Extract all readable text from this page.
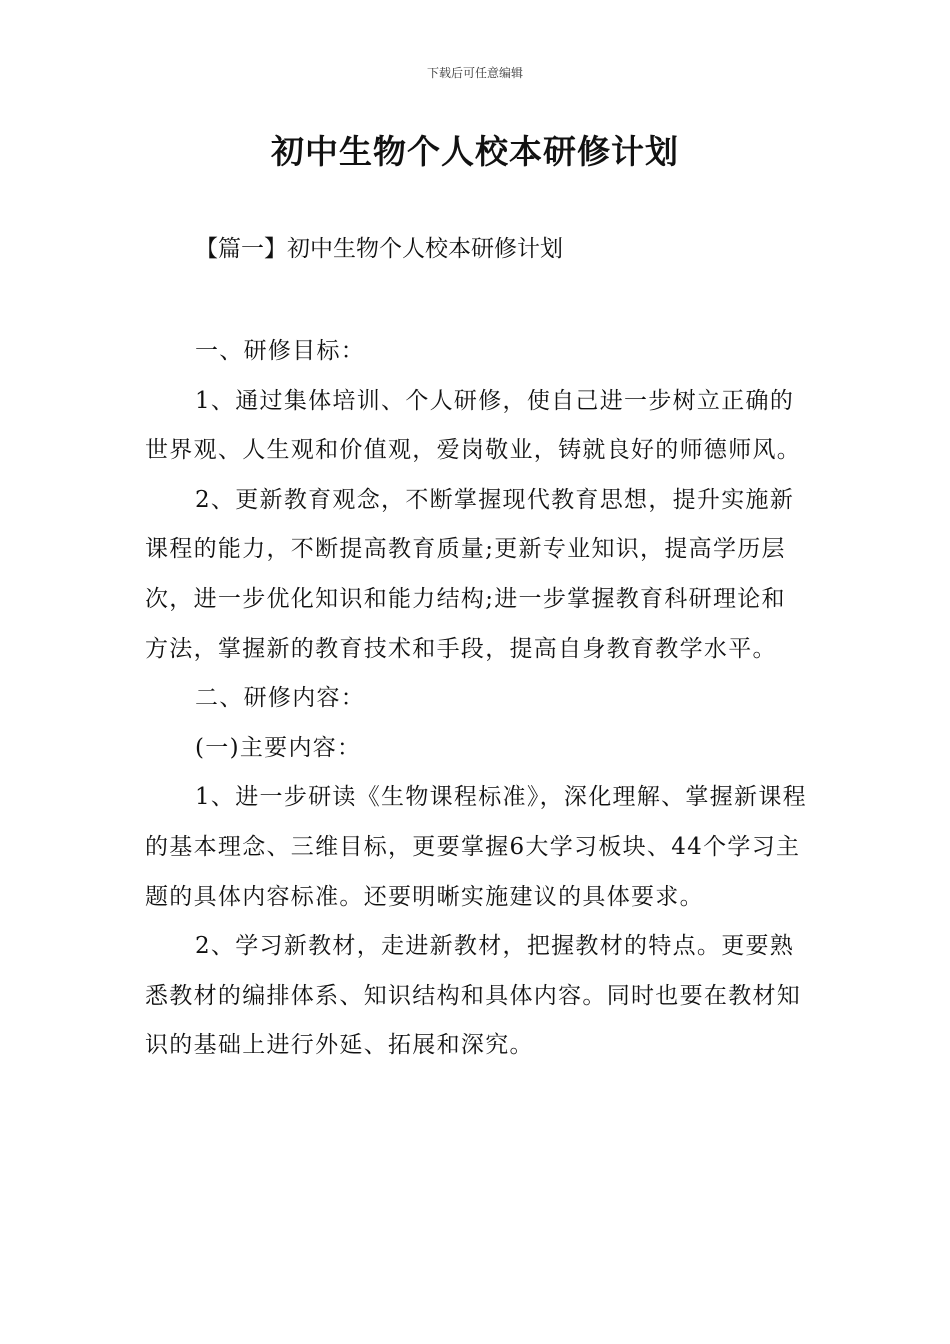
下载后可任意编辑
初中生物个人校本研修计划
【篇一】初中生物个人校本研修计划

一、研修目标：

1、通过集体培训、个人研修，使自己进一步树立正确的世界观、人生观和价值观，爱岗敬业，铸就良好的师德师风。

2、更新教育观念，不断掌握现代教育思想，提升实施新课程的能力，不断提高教育质量;更新专业知识，提高学历层次，进一步优化知识和能力结构;进一步掌握教育科研理论和方法，掌握新的教育技术和手段，提高自身教育教学水平。

二、研修内容：

(一)主要内容：

1、进一步研读《生物课程标准》，深化理解、掌握新课程的基本理念、三维目标，更要掌握6大学习板块、44个学习主题的具体内容标准。还要明晰实施建议的具体要求。

2、学习新教材，走进新教材，把握教材的特点。更要熟悉教材的编排体系、知识结构和具体内容。同时也要在教材知识的基础上进行外延、拓展和深究。
